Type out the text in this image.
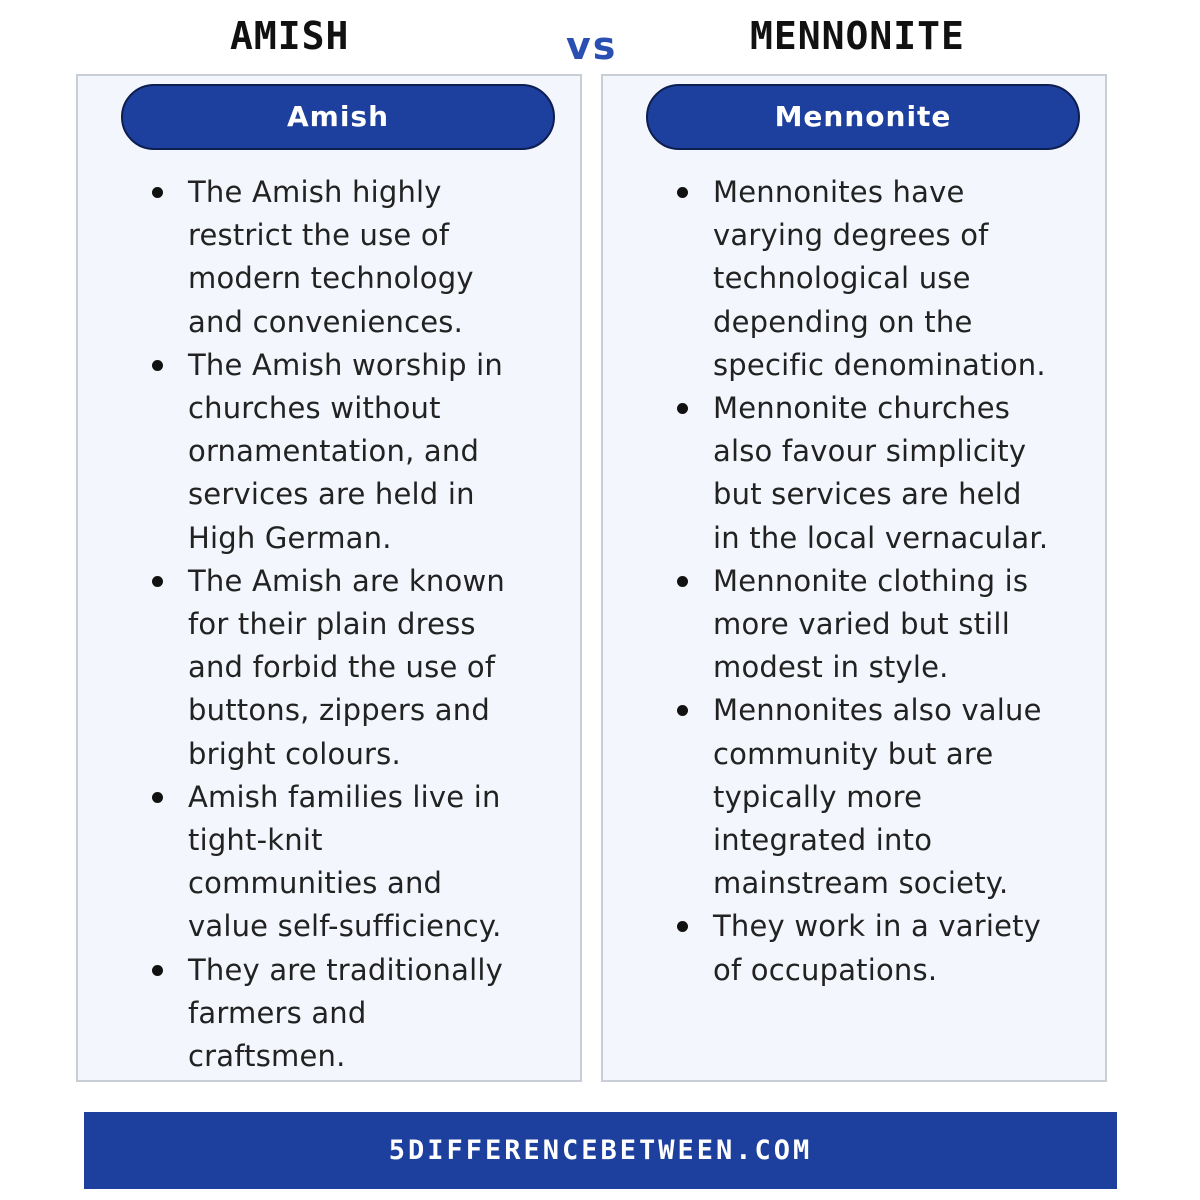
AMISH	vs	MENNONITE
Amish
The Amish highly
restrict the use of
modern technology
and conveniences.
The Amish worship in
churches without
ornamentation, and
services are held in
High German.
The Amish are known
for their plain dress
and forbid the use of
buttons, zippers and
bright colours.
Amish families live in
tight-knit
communities and
value self-sufficiency.
They are traditionally
farmers and
craftsmen.
Mennonite
Mennonites have
varying degrees of
technological use
depending on the
specific denomination.
Mennonite churches
also favour simplicity
but services are held
in the local vernacular.
Mennonite clothing is
more varied but still
modest in style.
Mennonites also value
community but are
typically more
integrated into
mainstream society.
They work in a variety
of occupations.
5DIFFERENCEBETWEEN.COM
